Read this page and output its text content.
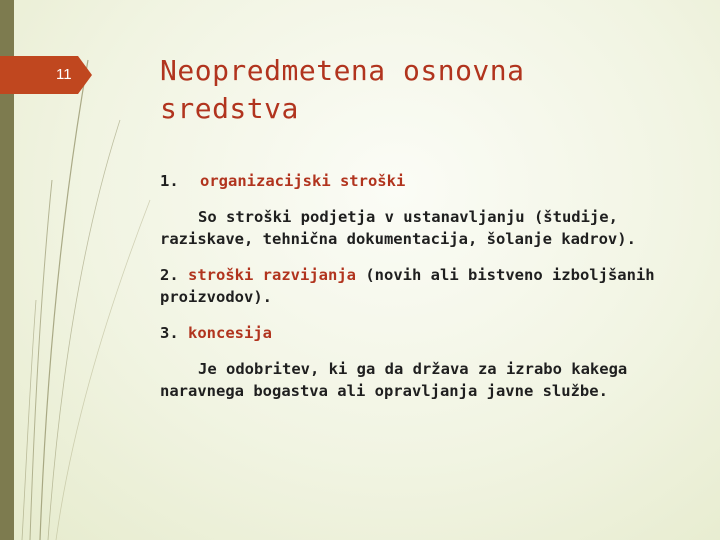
11	Neopredmetena osnovna sredstva
1. organizacijski stroški
So stroški podjetja v ustanavljanju (študije, raziskave, tehnična dokumentacija, šolanje kadrov).
2. stroški razvijanja (novih ali bistveno izboljšanih proizvodov).
3. koncesija
Je odobritev, ki ga da država za izrabo kakega naravnega bogastva ali opravljanja javne službe.
